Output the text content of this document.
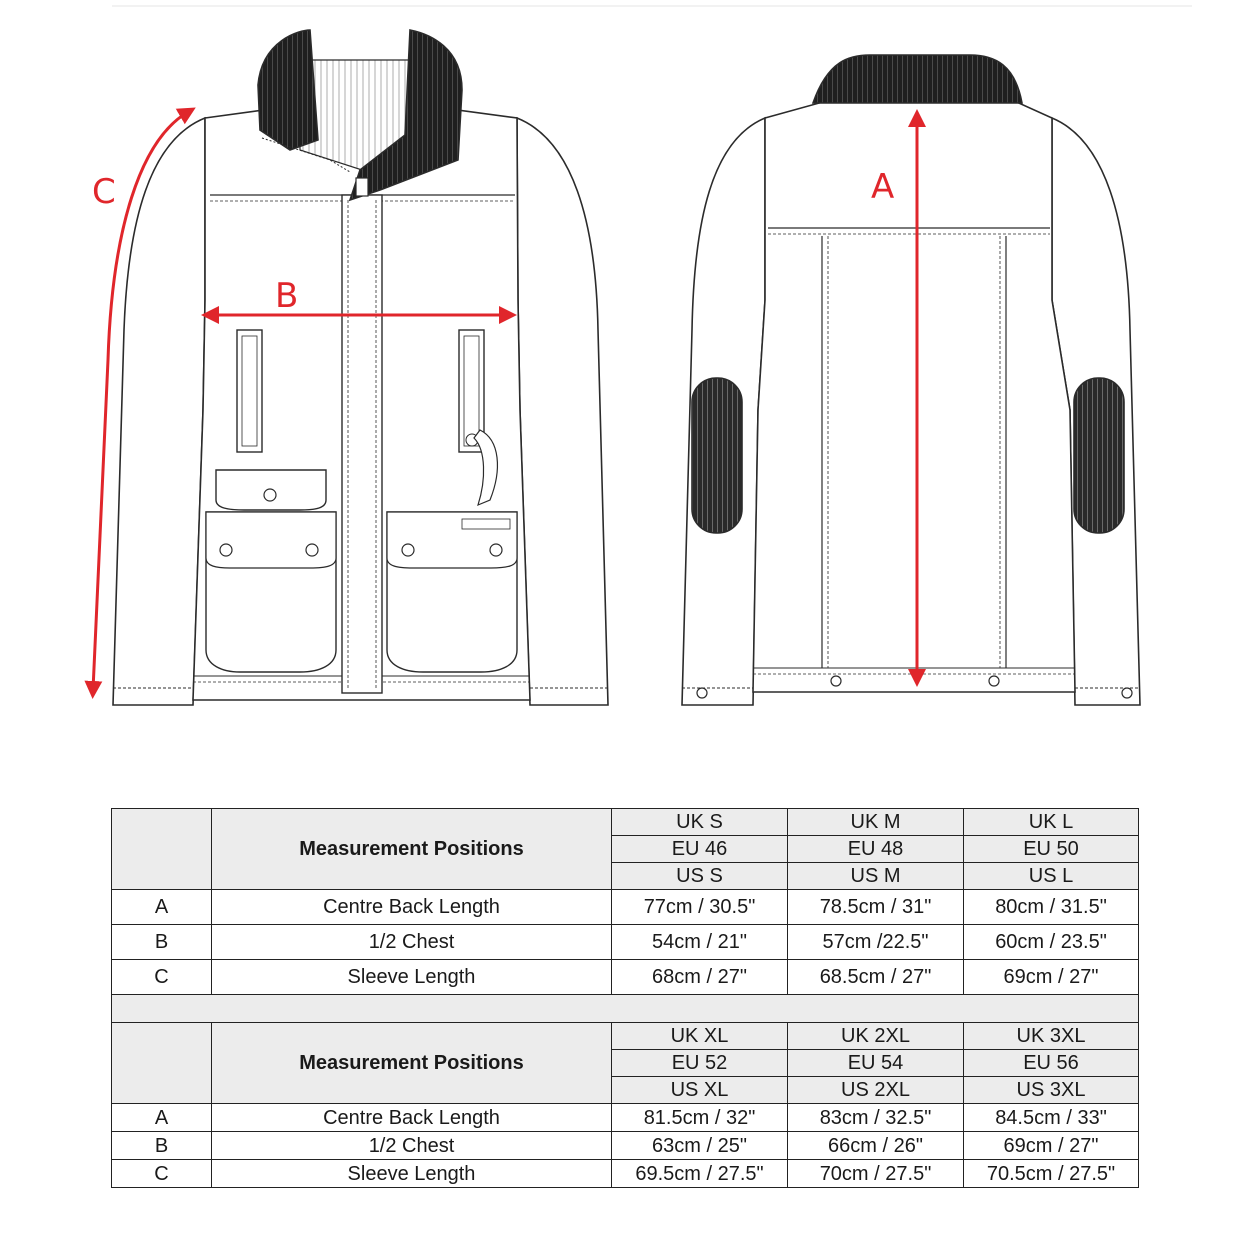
C
B
A
	Measurement Positions	UK S	UK M	UK L
		EU 46	EU 48	EU 50
		US S	US M	US L
A	Centre Back Length	77cm / 30.5"	78.5cm / 31"	80cm / 31.5"
B	1/2 Chest	54cm / 21"	57cm /22.5"	60cm / 23.5"
C	Sleeve Length	68cm / 27"	68.5cm / 27"	69cm / 27"

	Measurement Positions	UK XL	UK 2XL	UK 3XL
		EU 52	EU 54	EU 56
		US XL	US 2XL	US 3XL
A	Centre Back Length	81.5cm / 32"	83cm / 32.5"	84.5cm / 33"
B	1/2 Chest	63cm / 25"	66cm / 26"	69cm / 27"
C	Sleeve Length	69.5cm / 27.5"	70cm / 27.5"	70.5cm / 27.5"
